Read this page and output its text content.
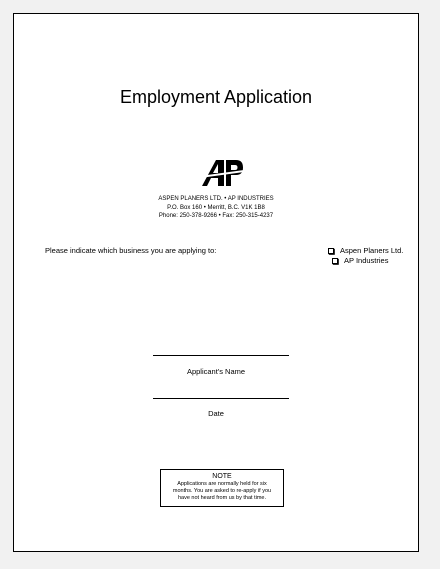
Employment Application
ASPEN PLANERS LTD. • AP INDUSTRIES
P.O. Box 160 • Merritt, B.C. V1K 1B8
Phone: 250-378-9266 • Fax: 250-315-4237
Please indicate which business you are applying to:	Aspen Planers Ltd.
AP Industries
Applicant's Name
Date
NOTE
Applications are normally held for six months. You are asked to re-apply if you have not heard from us by that time.
